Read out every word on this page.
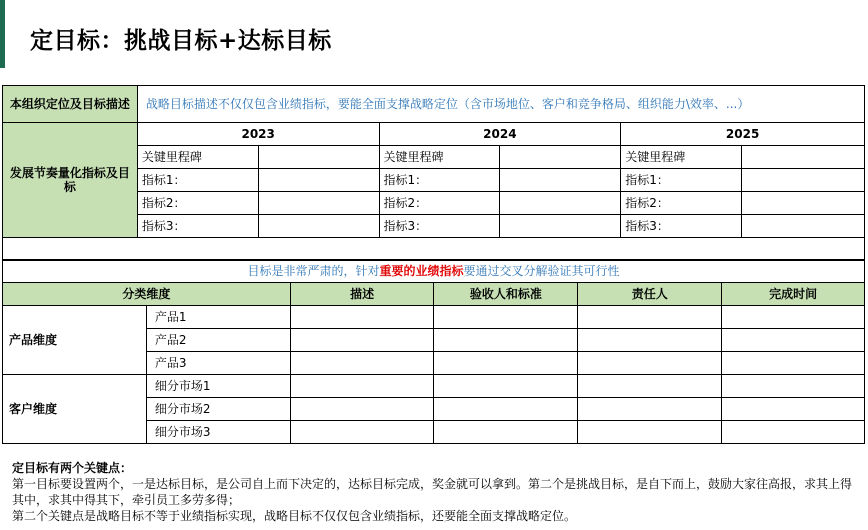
定目标：挑战目标+达标目标
本组织定位及目标描述	战略目标描述不仅仅包含业绩指标，要能全面支撑战略定位（含市场地位、客户和竞争格局、组织能力\效率、...）					
发展节奏量化指标及目标	2023		2024		2025	
	关键里程碑		关键里程碑		关键里程碑	
	指标1：		指标1：		指标1：	
	指标2：		指标2：		指标2：	
	指标3：		指标3：		指标3：	

目标是非常严肃的，针对重要的业绩指标要通过交叉分解验证其可行性					
分类维度		描述	验收人和标准	责任人	完成时间
产品维度	产品1				
	产品2				
	产品3				
客户维度	细分市场1				
	细分市场2				
	细分市场3				
定目标有两个关键点：
第一目标要设置两个，一是达标目标，是公司自上而下决定的，达标目标完成，奖金就可以拿到。第二个是挑战目标，是自下而上，鼓励大家往高报，求其上得其中，求其中得其下，牵引员工多劳多得；
第二个关键点是战略目标不等于业绩指标实现，战略目标不仅仅包含业绩指标，还要能全面支撑战略定位。
